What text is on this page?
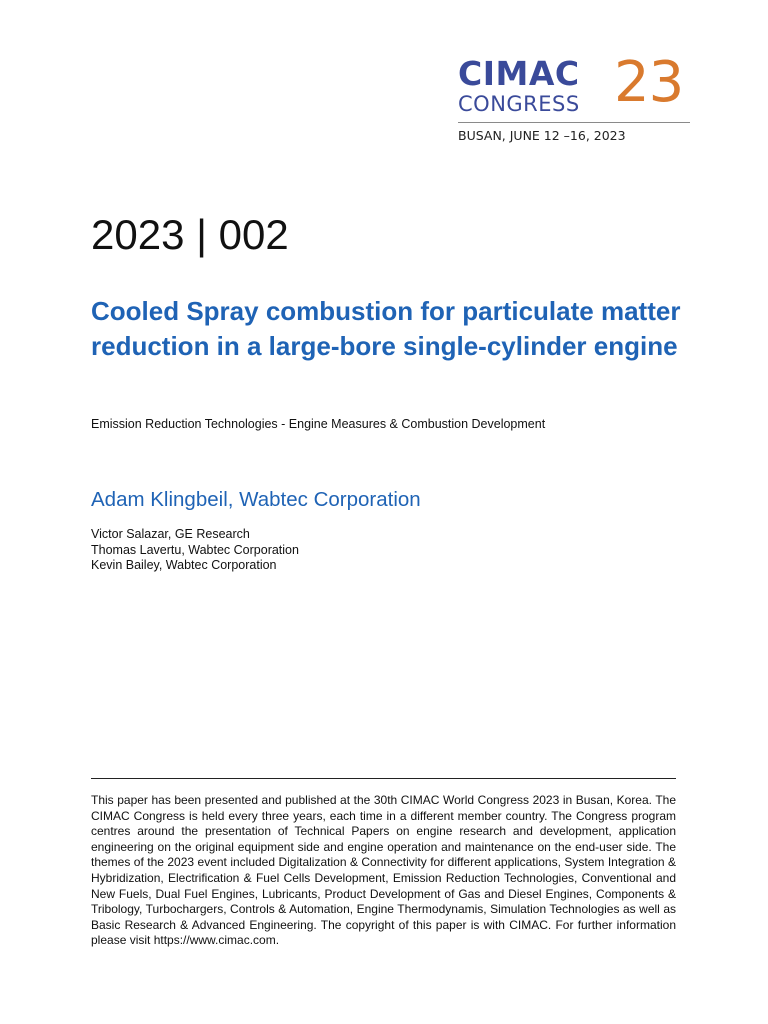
CIMAC
CONGRESS 23
BUSAN, JUNE 12 –16, 2023
2023 | 002
Cooled Spray combustion for particulate matter reduction in a large-bore single-cylinder engine
Emission Reduction Technologies - Engine Measures & Combustion Development
Adam Klingbeil, Wabtec Corporation
Victor Salazar, GE Research
Thomas Lavertu, Wabtec Corporation
Kevin Bailey, Wabtec Corporation

This paper has been presented and published at the 30th CIMAC World Congress 2023 in Busan, Korea. The CIMAC Congress is held every three years, each time in a different member country. The Congress program centres around the presentation of Technical Papers on engine research and development, application engineering on the original equipment side and engine operation and maintenance on the end-user side. The themes of the 2023 event included Digitalization & Connectivity for different applications, System Integration & Hybridization, Electrification & Fuel Cells Development, Emission Reduction Technologies, Conventional and New Fuels, Dual Fuel Engines, Lubricants, Product Development of Gas and Diesel Engines, Components & Tribology, Turbochargers, Controls & Automation, Engine Thermodynamis, Simulation Technologies as well as Basic Research & Advanced Engineering. The copyright of this paper is with CIMAC. For further information please visit https://www.cimac.com.
